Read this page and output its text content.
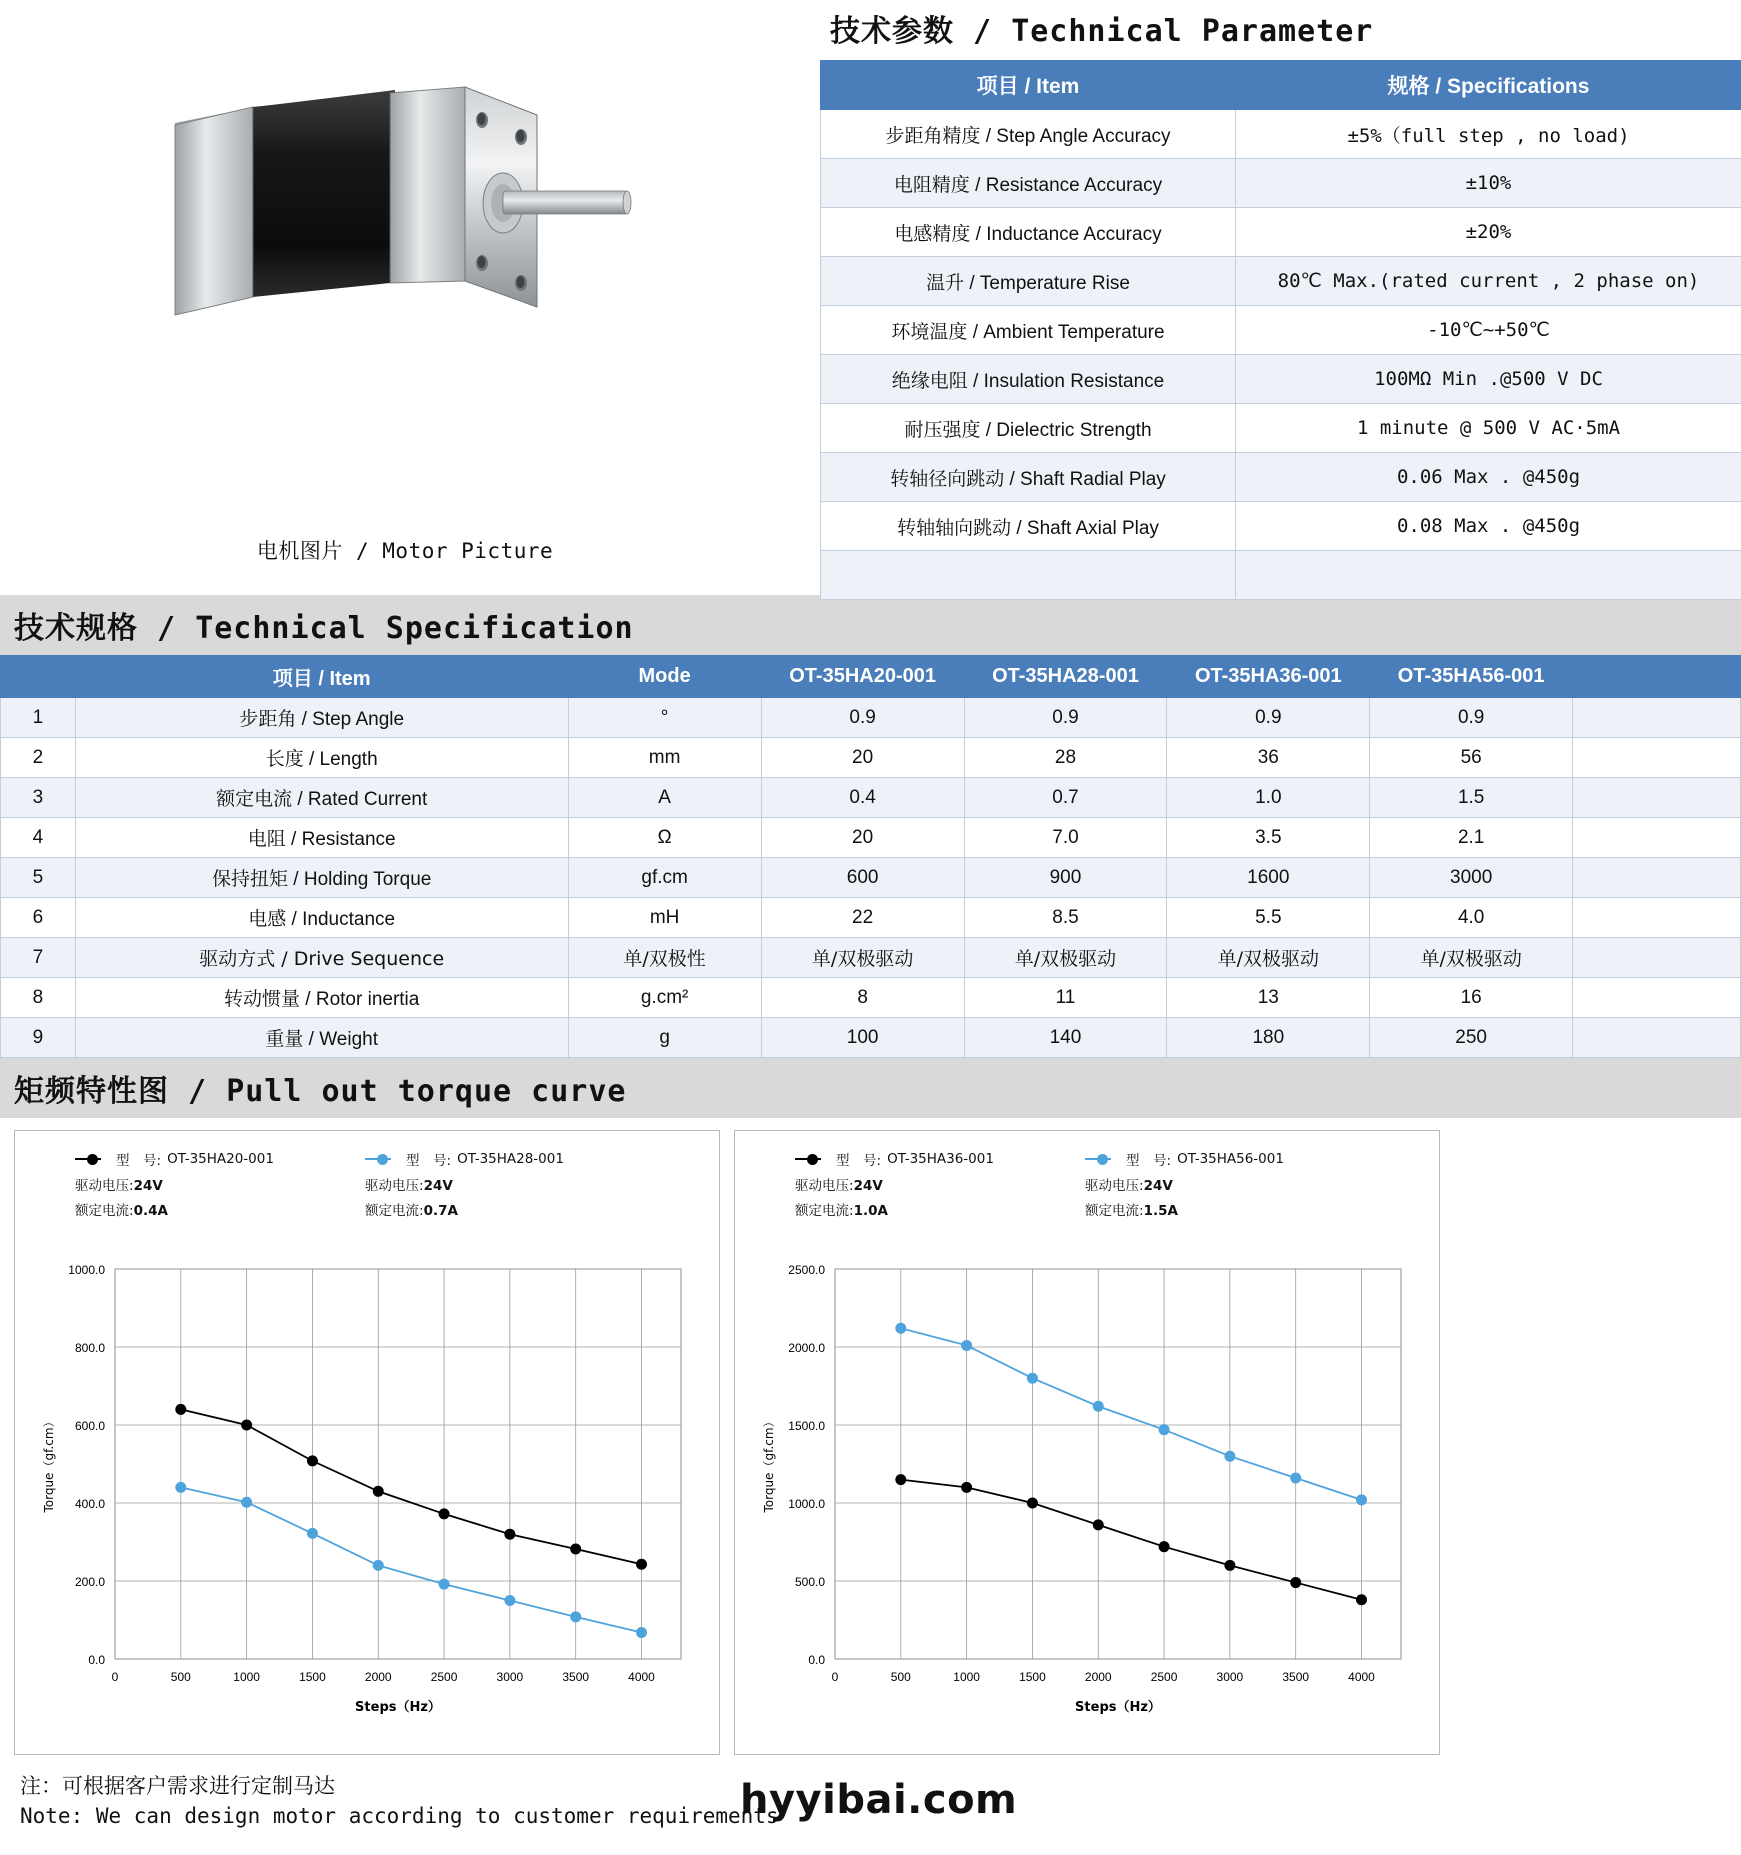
电机图片 / Motor Picture
技术参数 / Technical Parameter
项目 / Item	规格 / Specifications
步距角精度 / Step Angle Accuracy	±5%（full step , no load)
电阻精度 / Resistance Accuracy	±10%
电感精度 / Inductance Accuracy	±20%
温升 / Temperature Rise	80℃ Max.(rated current , 2 phase on)
环境温度 / Ambient Temperature	-10℃~+50℃
绝缘电阻 / Insulation Resistance	100MΩ Min .@500 V DC
耐压强度 / Dielectric Strength	1 minute @ 500 V AC·5mA
转轴径向跳动 / Shaft Radial Play	0.06 Max . @450g
转轴轴向跳动 / Shaft Axial Play	0.08 Max . @450g

技术规格 / Technical Specification
	项目 / Item	Mode	OT-35HA20-001	OT-35HA28-001	OT-35HA36-001	OT-35HA56-001	
1	步距角 / Step Angle	°	0.9	0.9	0.9	0.9	
2	长度 / Length	mm	20	28	36	56	
3	额定电流 / Rated Current	A	0.4	0.7	1.0	1.5	
4	电阻 / Resistance	Ω	20	7.0	3.5	2.1	
5	保持扭矩 / Holding Torque	gf.cm	600	900	1600	3000	
6	电感 / Inductance	mH	22	8.5	5.5	4.0	
7	驱动方式 / Drive Sequence	单/双极性	单/双极驱动	单/双极驱动	单/双极驱动	单/双极驱动	
8	转动惯量 / Rotor inertia	g.cm²	8	11	13	16	
9	重量 / Weight	g	100	140	180	250	
矩频特性图 / Pull out torque curve
型　号: OT-35HA20-001
驱动电压:24V
额定电流:0.4A
型　号: OT-35HA28-001
驱动电压:24V
额定电流:0.7A
0.0
200.0
400.0
600.0
800.0
1000.0
0	500	1000	1500	2000	2500	3000	3500	4000
Steps（Hz）
Torque（gf.cm）
型　号: OT-35HA36-001
驱动电压:24V
额定电流:1.0A
型　号: OT-35HA56-001
驱动电压:24V
额定电流:1.5A
0.0
500.0
1000.0
1500.0
2000.0
2500.0
0	500	1000	1500	2000	2500	3000	3500	4000
Steps（Hz）
Torque（gf.cm）
注：可根据客户需求进行定制马达
Note: We can design motor according to customer requirements
hyyibai.com
